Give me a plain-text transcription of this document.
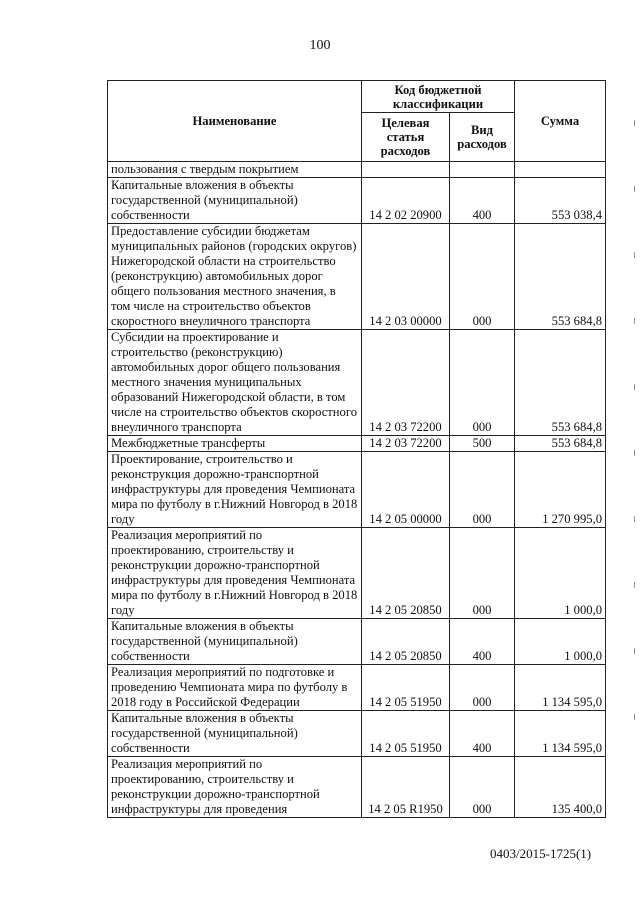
100
Наименование	Код бюджетной классификации		Сумма
	Целевая статья расходов	Вид расходов	
пользования с твердым покрытием			
Капитальные вложения в объекты государственной (муниципальной) собственности	14 2 02 20900	400	553 038,4
Предоставление субсидии бюджетам муниципальных районов (городских округов) Нижегородской области на строительство (реконструкцию) автомобильных дорог общего пользования местного значения, в том числе на строительство объектов скоростного внеуличного транспорта	14 2 03 00000	000	553 684,8
Субсидии на проектирование и строительство (реконструкцию) автомобильных дорог общего пользования местного значения муниципальных образований Нижегородской области, в том числе на строительство объектов скоростного внеуличного транспорта	14 2 03 72200	000	553 684,8
Межбюджетные трансферты	14 2 03 72200	500	553 684,8
Проектирование, строительство и реконструкция дорожно-транспортной инфраструктуры для проведения Чемпионата мира по футболу в г.Нижний Новгород в 2018 году	14 2 05 00000	000	1 270 995,0
Реализация мероприятий по проектированию, строительству и реконструкции дорожно-транспортной инфраструктуры для проведения Чемпионата мира по футболу в г.Нижний Новгород в 2018 году	14 2 05 20850	000	1 000,0
Капитальные вложения в объекты государственной (муниципальной) собственности	14 2 05 20850	400	1 000,0
Реализация мероприятий по подготовке и проведению Чемпионата мира по футболу в 2018 году в Российской Федерации	14 2 05 51950	000	1 134 595,0
Капитальные вложения в объекты государственной (муниципальной) собственности	14 2 05 51950	400	1 134 595,0
Реализация мероприятий по проектированию, строительству и реконструкции дорожно-транспортной инфраструктуры для проведения	14 2 05 R1950	000	135 400,0
0403/2015-1725(1)
